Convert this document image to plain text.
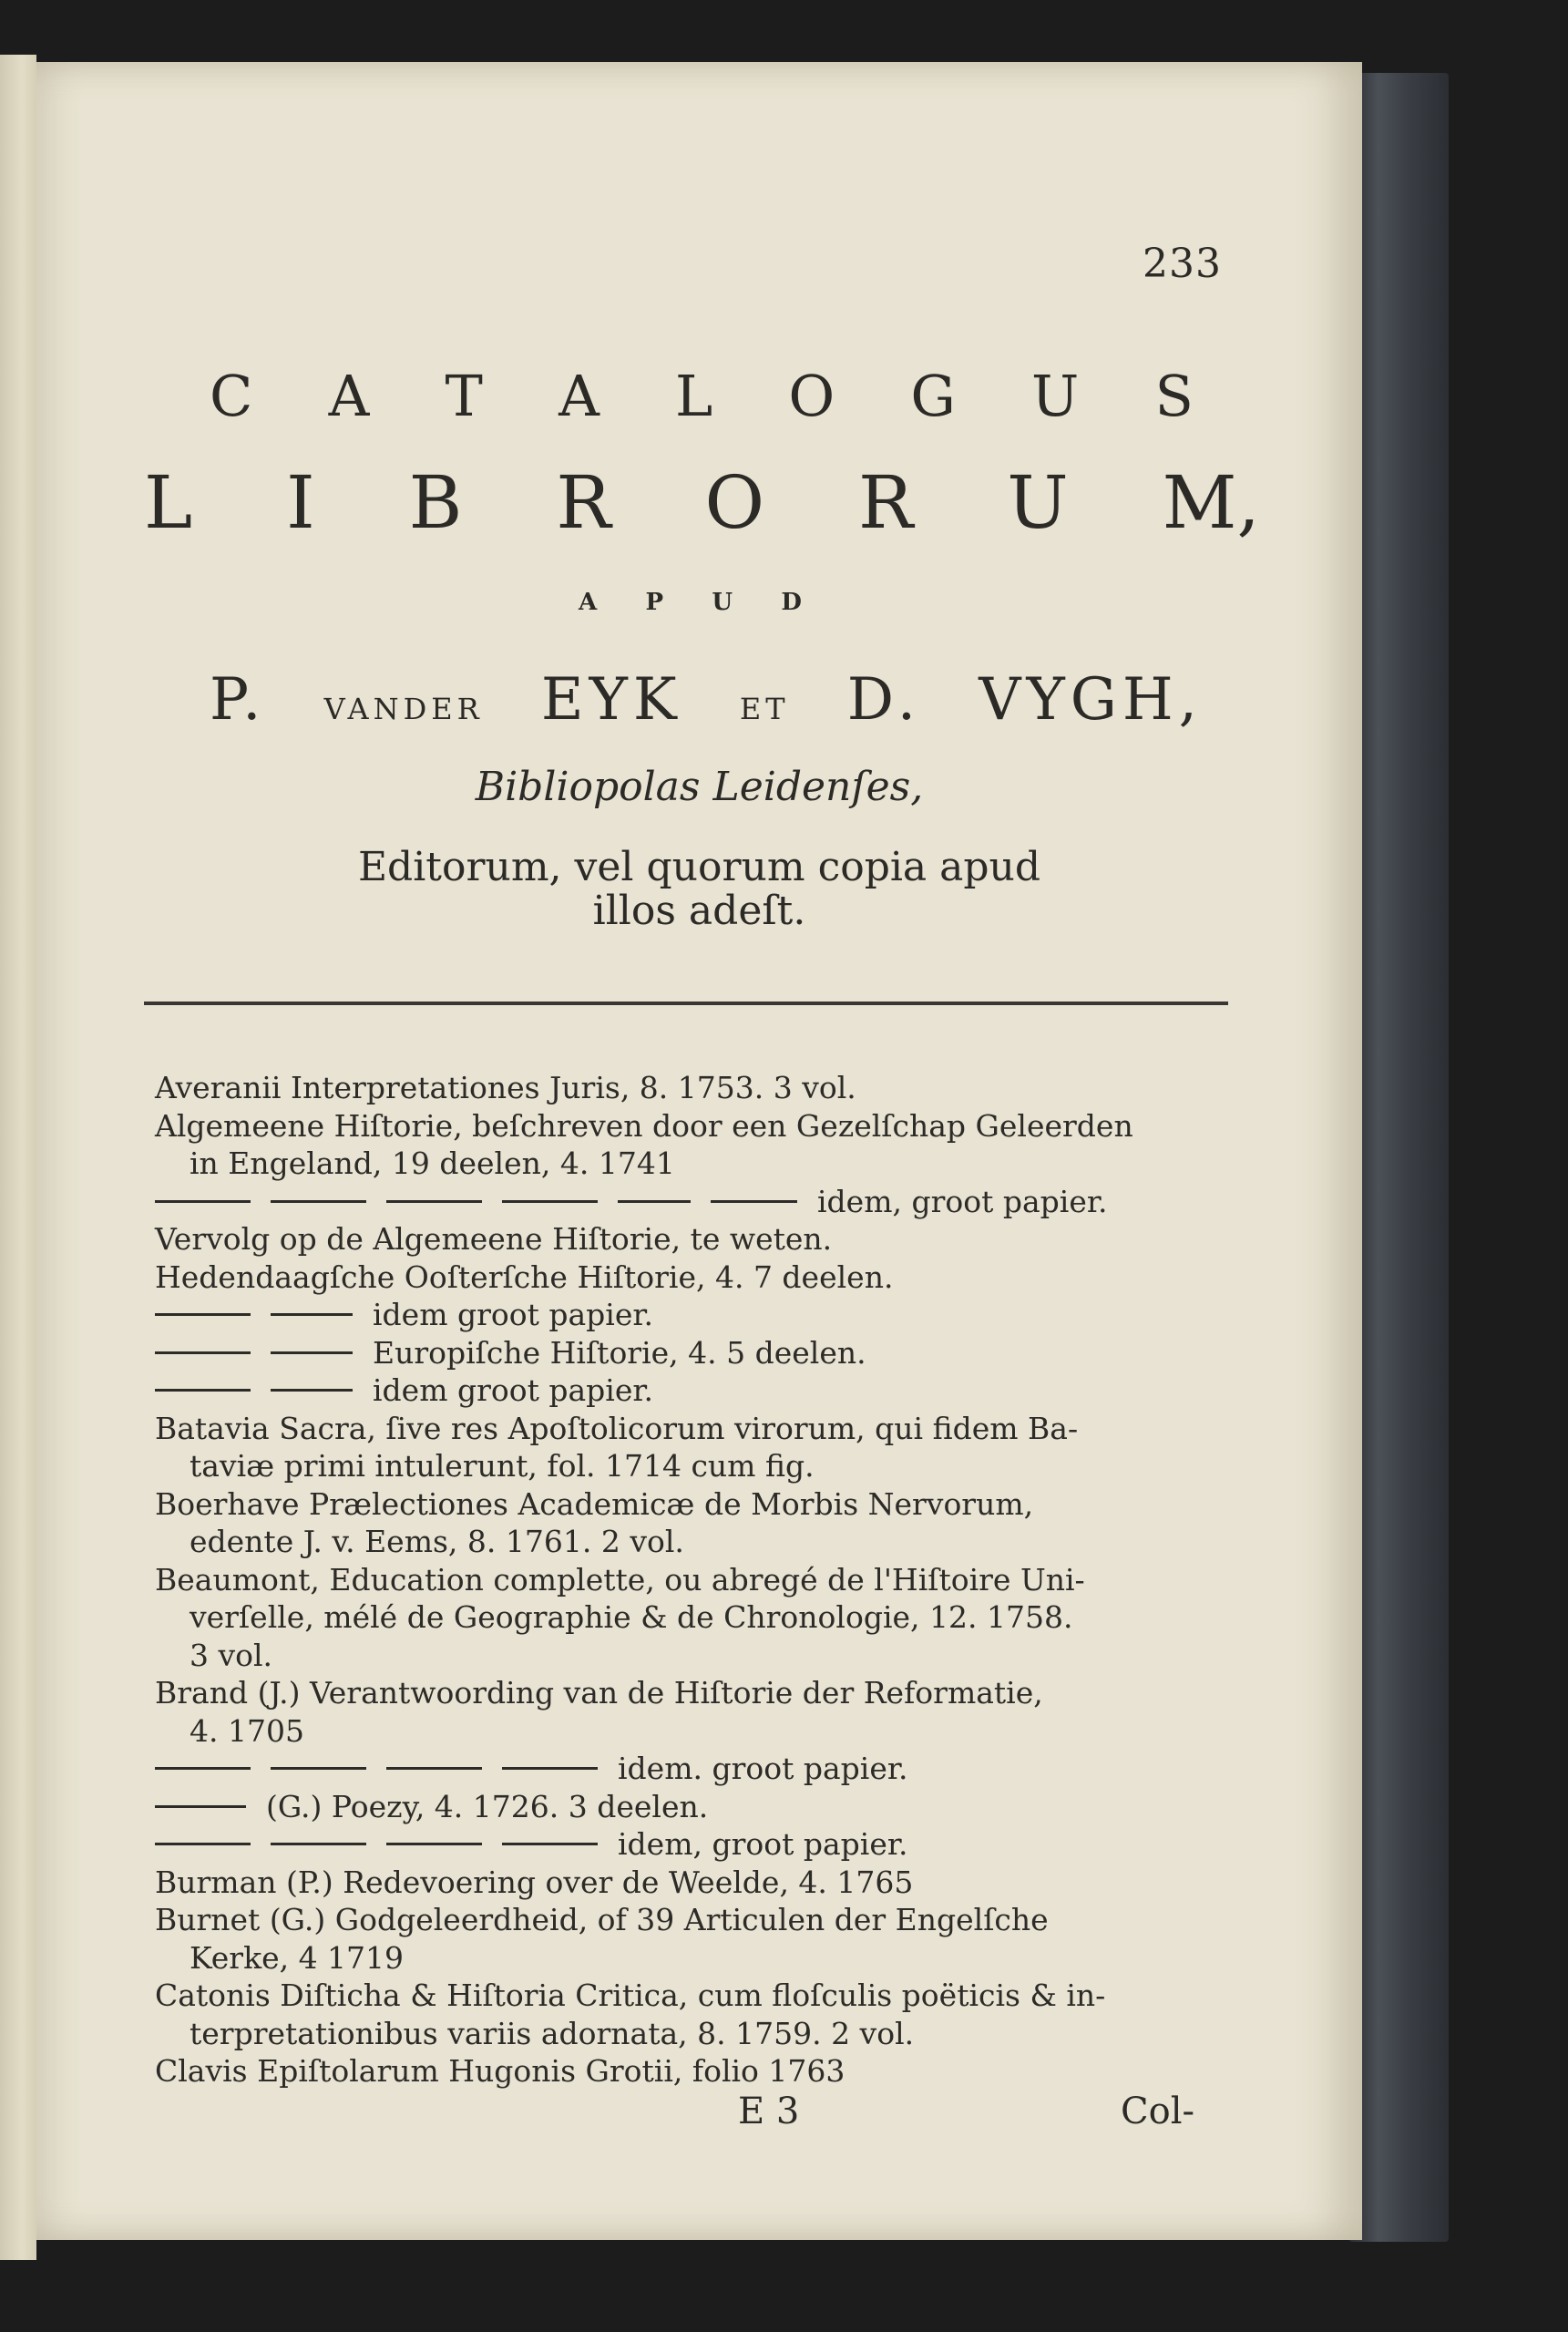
233
C A T A L O G U S
L I B R O R U M,
A P U D
P. VANDER EYK ET D. VYGH,
Bibliopolas Leidenſes,
Editorum, vel quorum copia apud
illos adeſt.
Averanii Interpretationes Juris, 8. 1753. 3 vol.
Algemeene Hiſtorie, beſchreven door een Gezelſchap Geleerden
in Engeland, 19 deelen, 4. 1741
idem, groot papier.
Vervolg op de Algemeene Hiſtorie, te weten.
Hedendaagſche Ooſterſche Hiſtorie, 4. 7 deelen.
idem groot papier.
Europiſche Hiſtorie, 4. 5 deelen.
idem groot papier.
Batavia Sacra, ſive res Apoſtolicorum virorum, qui fidem Ba-
taviæ primi intulerunt, fol. 1714 cum fig.
Boerhave Prælectiones Academicæ de Morbis Nervorum,
edente J. v. Eems, 8. 1761. 2 vol.
Beaumont, Education complette, ou abregé de l'Hiſtoire Uni-
verſelle, mélé de Geographie & de Chronologie, 12. 1758.
3 vol.
Brand (J.) Verantwoording van de Hiſtorie der Reformatie,
4. 1705
idem. groot papier.
(G.) Poezy, 4. 1726. 3 deelen.
idem, groot papier.
Burman (P.) Redevoering over de Weelde, 4. 1765
Burnet (G.) Godgeleerdheid, of 39 Articulen der Engelſche
Kerke, 4 1719
Catonis Diſticha & Hiſtoria Critica, cum floſculis poëticis & in-
terpretationibus variis adornata, 8. 1759. 2 vol.
Clavis Epiſtolarum Hugonis Grotii, folio 1763
E 3	Col-
